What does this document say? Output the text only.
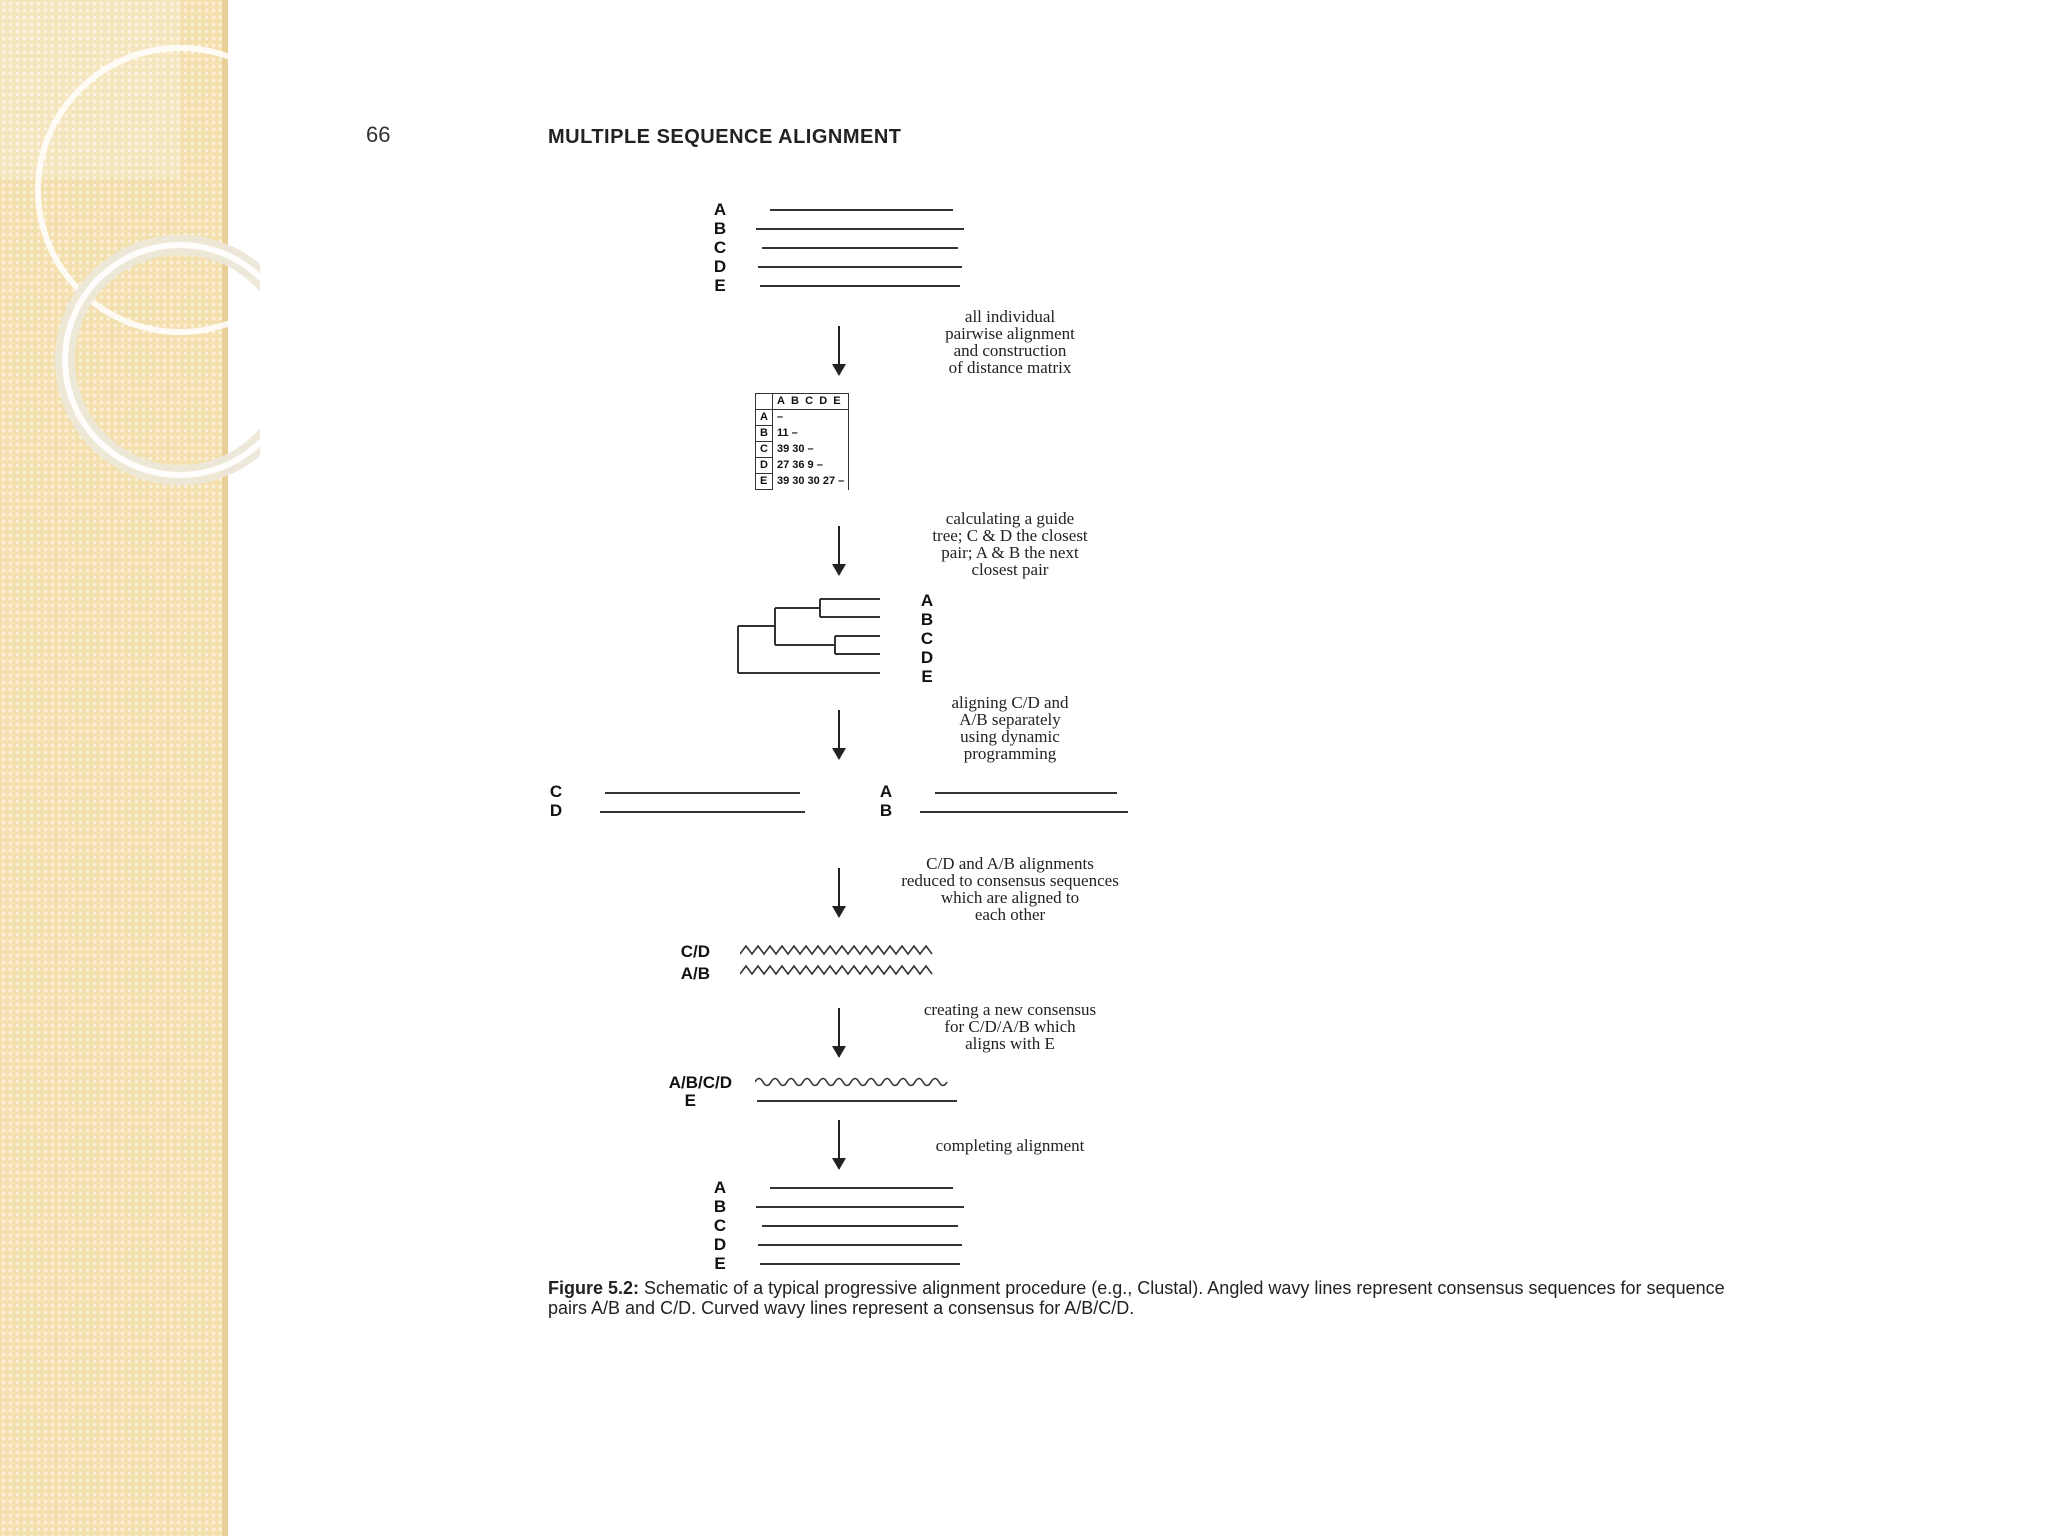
66	MULTIPLE SEQUENCE ALIGNMENT
A
B
C
D
E
all individual
pairwise alignment
and construction
of distance matrix
	A B C D E
A	–
B	11 –
C	39 30 –
D	27 36 9 –
E	39 30 30 27 –
calculating a guide
tree; C & D the closest
pair; A & B the next
closest pair
A
B
C
D
E
aligning C/D and
A/B separately
using dynamic
programming
C
D
A
B
C/D and A/B alignments
reduced to consensus sequences
which are aligned to
each other
C/D
A/B
creating a new consensus
for C/D/A/B which
aligns with E
A/B/C/D
E
completing alignment
A
B
C
D
E
Figure 5.2: Schematic of a typical progressive alignment procedure (e.g., Clustal). Angled wavy lines represent consensus sequences for sequence pairs A/B and C/D. Curved wavy lines represent a consensus for A/B/C/D.
